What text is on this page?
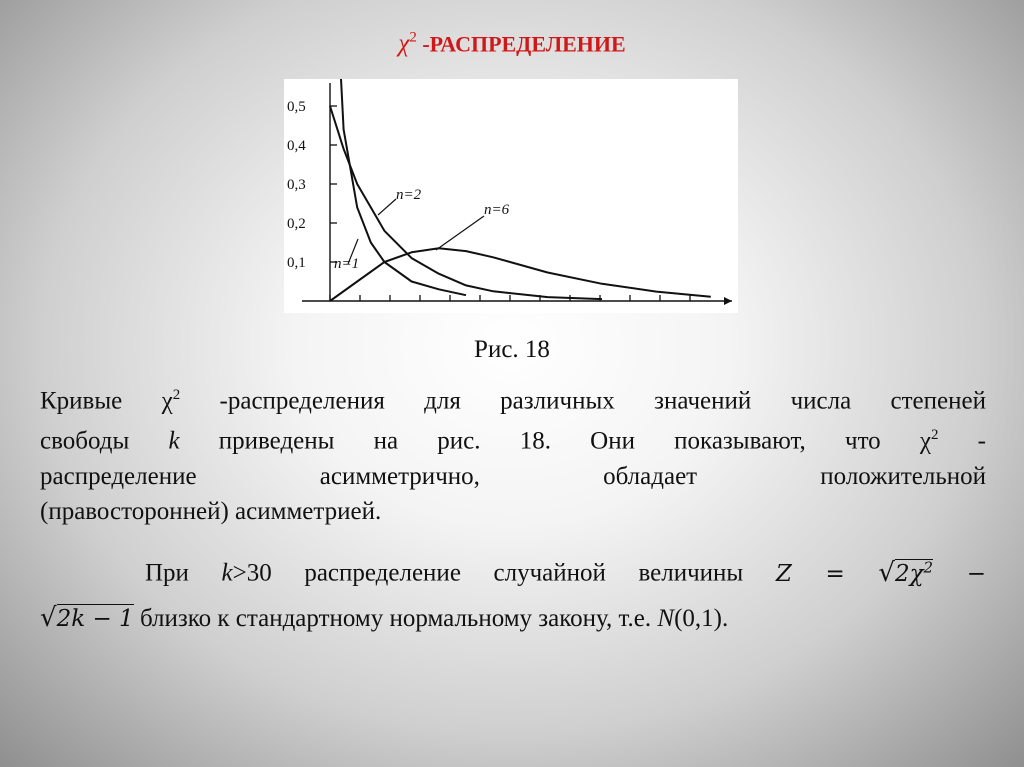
$\chi^2$ -РАСПРЕДЕЛЕНИЕ
0,5
0,4
0,3
0,2
0,1
n=2
n=6
n=1
Рис. 18
Кривые $\chi^2$ -распределения для различных значений числа степеней
свободы k приведены на рис. 18. Они показывают, что $\chi^2$ -
распределение асимметрично, обладает положительной
(правосторонней) асимметрией.
При k>30 распределение случайной величины $Z = √2\chi^2$ −
√2k − 1 близко к стандартному нормальному закону, т.е. N(0,1).
